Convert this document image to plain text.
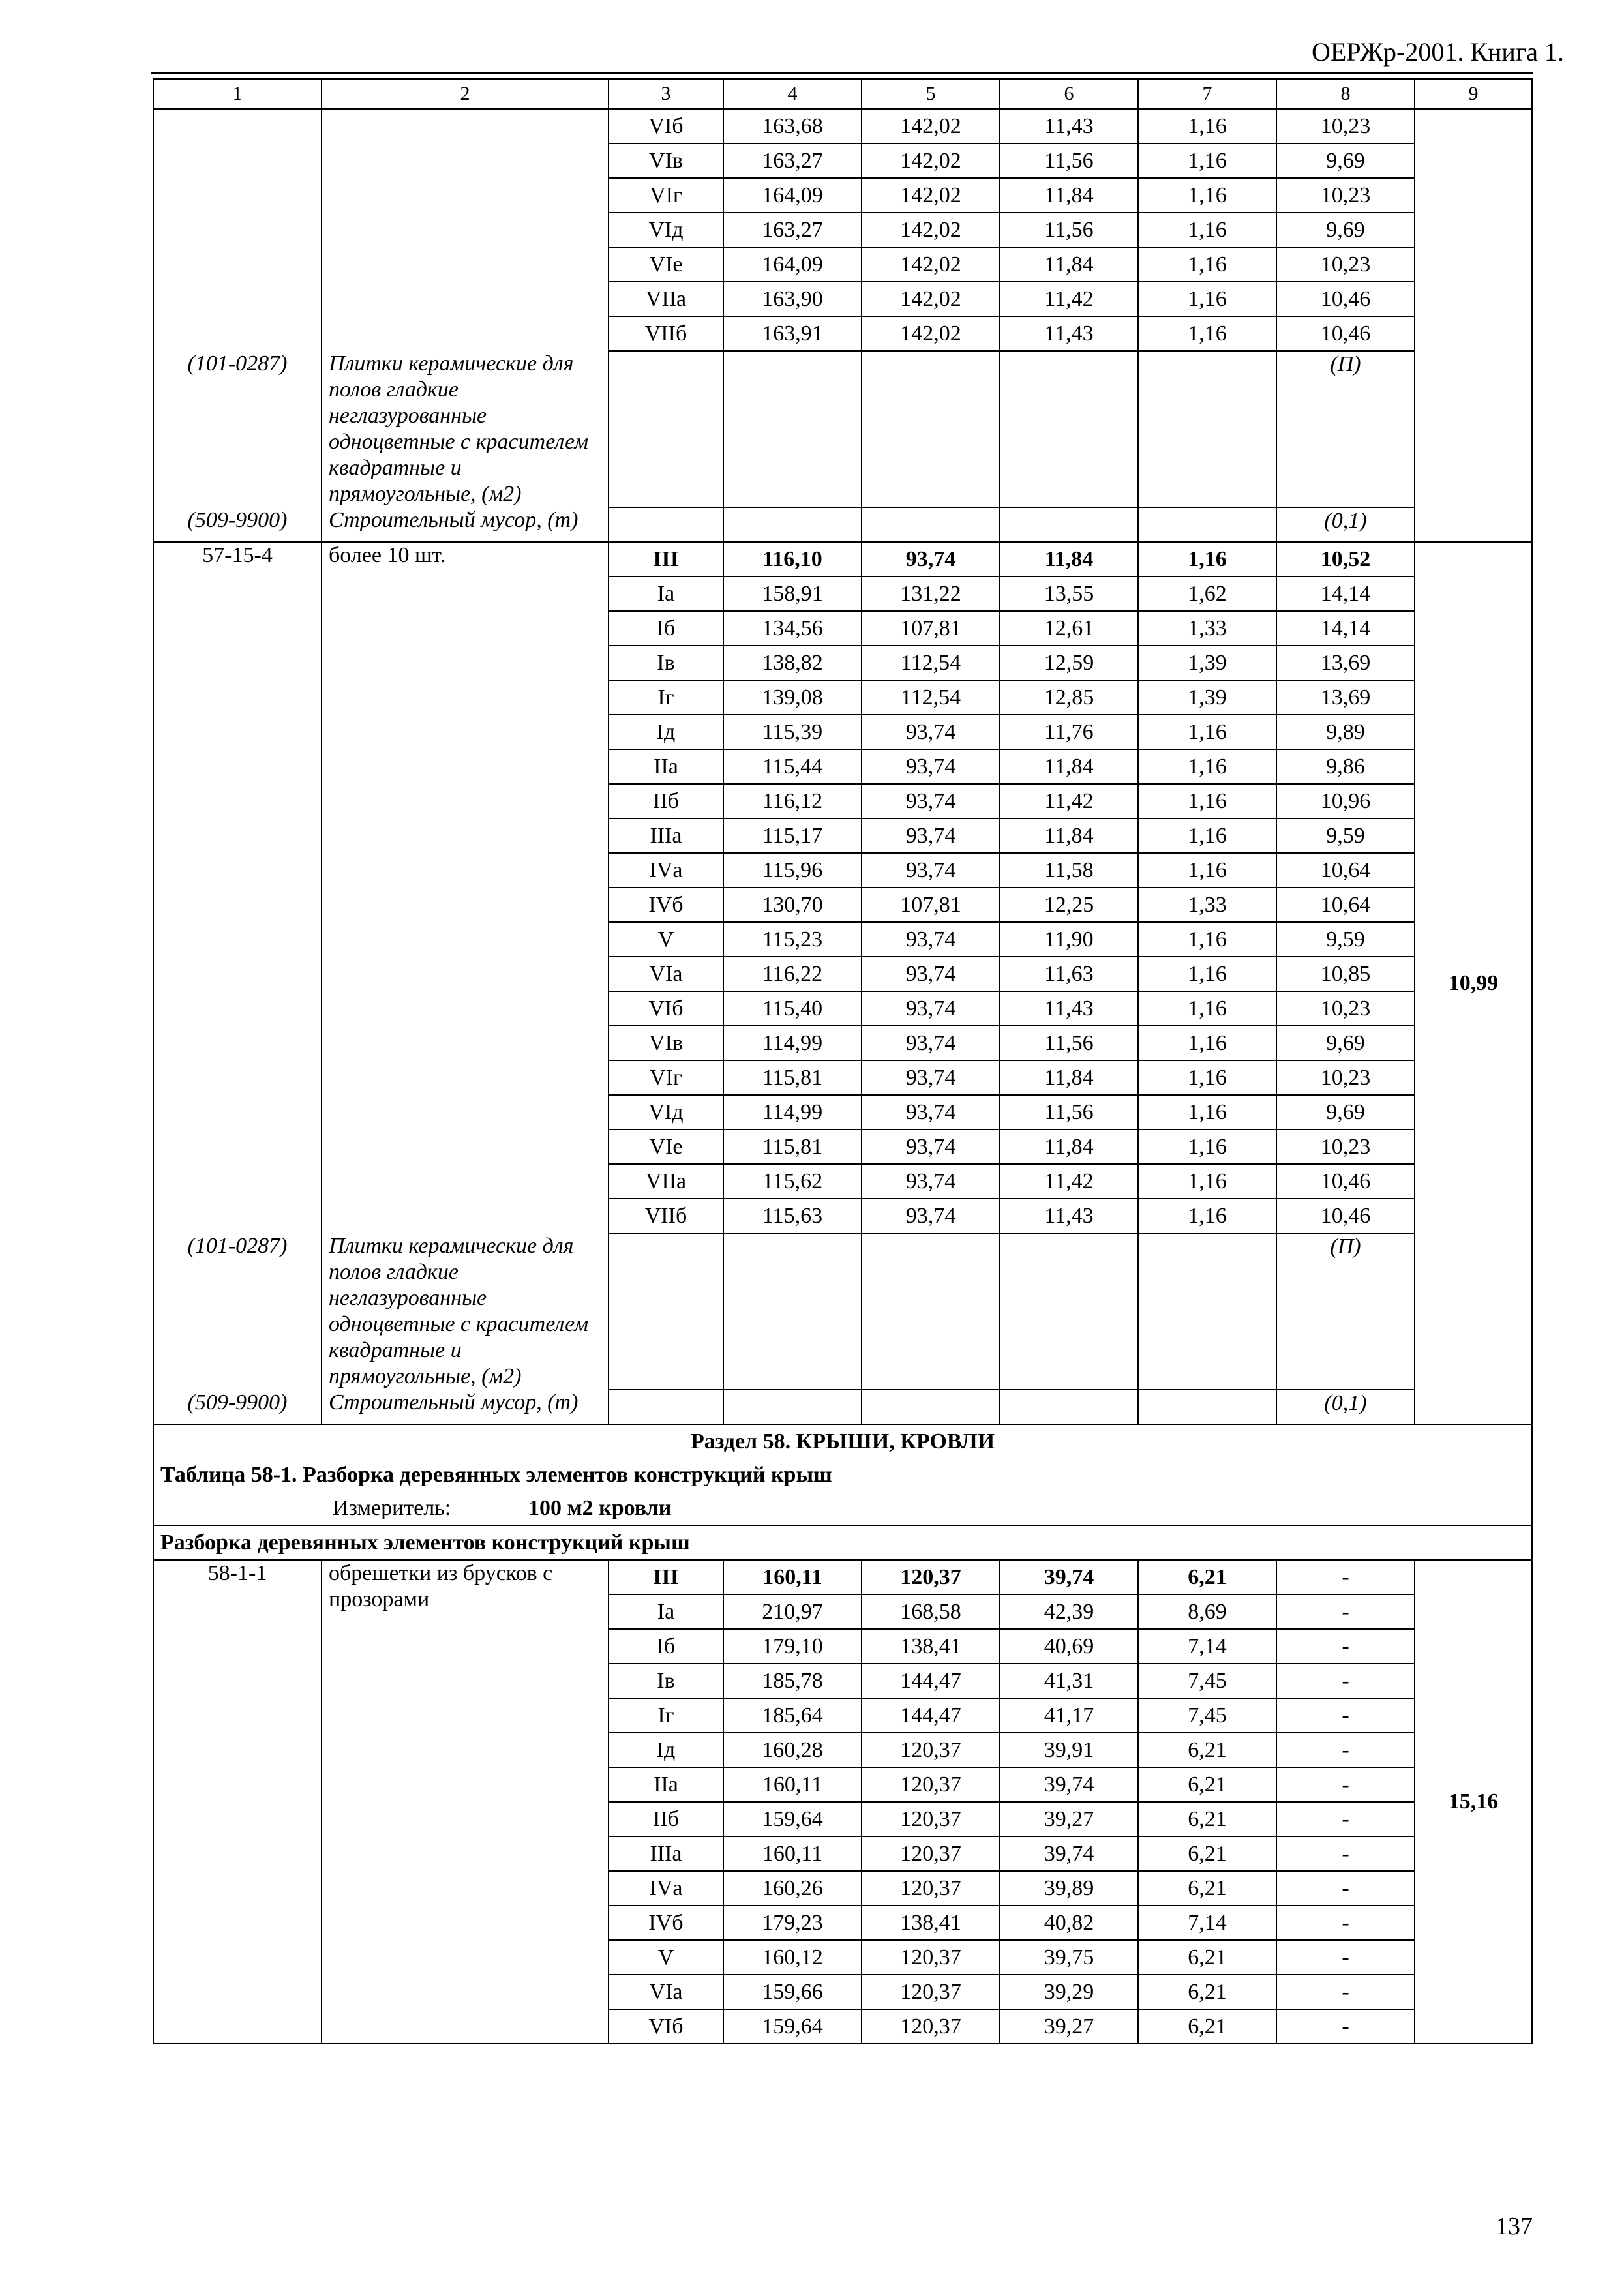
ОЕРЖр-2001. Книга 1.
1	2	3	4	5	6	7	8	9
		VIб	163,68	142,02	11,43	1,16	10,23	
		VIв	163,27	142,02	11,56	1,16	9,69	
		VIг	164,09	142,02	11,84	1,16	10,23	
		VIд	163,27	142,02	11,56	1,16	9,69	
		VIе	164,09	142,02	11,84	1,16	10,23	
		VIIа	163,90	142,02	11,42	1,16	10,46	
		VIIб	163,91	142,02	11,43	1,16	10,46	
(101-0287)	Плитки керамические для полов гладкие неглазурованные одноцветные с красителем квадратные и прямоугольные, (м2)						(П)	
(509-9900)	Строительный мусор, (т)						(0,1)	
57-15-4	более 10 шт.	III	116,10	93,74	11,84	1,16	10,52	10,99
		Iа	158,91	131,22	13,55	1,62	14,14	
		Iб	134,56	107,81	12,61	1,33	14,14	
		Iв	138,82	112,54	12,59	1,39	13,69	
		Iг	139,08	112,54	12,85	1,39	13,69	
		Iд	115,39	93,74	11,76	1,16	9,89	
		IIа	115,44	93,74	11,84	1,16	9,86	
		IIб	116,12	93,74	11,42	1,16	10,96	
		IIIа	115,17	93,74	11,84	1,16	9,59	
		IVа	115,96	93,74	11,58	1,16	10,64	
		IVб	130,70	107,81	12,25	1,33	10,64	
		V	115,23	93,74	11,90	1,16	9,59	
		VIа	116,22	93,74	11,63	1,16	10,85	
		VIб	115,40	93,74	11,43	1,16	10,23	
		VIв	114,99	93,74	11,56	1,16	9,69	
		VIг	115,81	93,74	11,84	1,16	10,23	
		VIд	114,99	93,74	11,56	1,16	9,69	
		VIе	115,81	93,74	11,84	1,16	10,23	
		VIIа	115,62	93,74	11,42	1,16	10,46	
		VIIб	115,63	93,74	11,43	1,16	10,46	
(101-0287)	Плитки керамические для полов гладкие неглазурованные одноцветные с красителем квадратные и прямоугольные, (м2)						(П)	
(509-9900)	Строительный мусор, (т)						(0,1)	
Раздел 58. КРЫШИ, КРОВЛИ								
Таблица 58-1. Разборка деревянных элементов конструкций крыш								
Измеритель: 100 м2 кровли								
Разборка деревянных элементов конструкций крыш								
58-1-1	обрешетки из брусков с прозорами	III	160,11	120,37	39,74	6,21	-	15,16
		Iа	210,97	168,58	42,39	8,69	-	
		Iб	179,10	138,41	40,69	7,14	-	
		Iв	185,78	144,47	41,31	7,45	-	
		Iг	185,64	144,47	41,17	7,45	-	
		Iд	160,28	120,37	39,91	6,21	-	
		IIа	160,11	120,37	39,74	6,21	-	
		IIб	159,64	120,37	39,27	6,21	-	
		IIIа	160,11	120,37	39,74	6,21	-	
		IVа	160,26	120,37	39,89	6,21	-	
		IVб	179,23	138,41	40,82	7,14	-	
		V	160,12	120,37	39,75	6,21	-	
		VIа	159,66	120,37	39,29	6,21	-	
		VIб	159,64	120,37	39,27	6,21	-	
137
